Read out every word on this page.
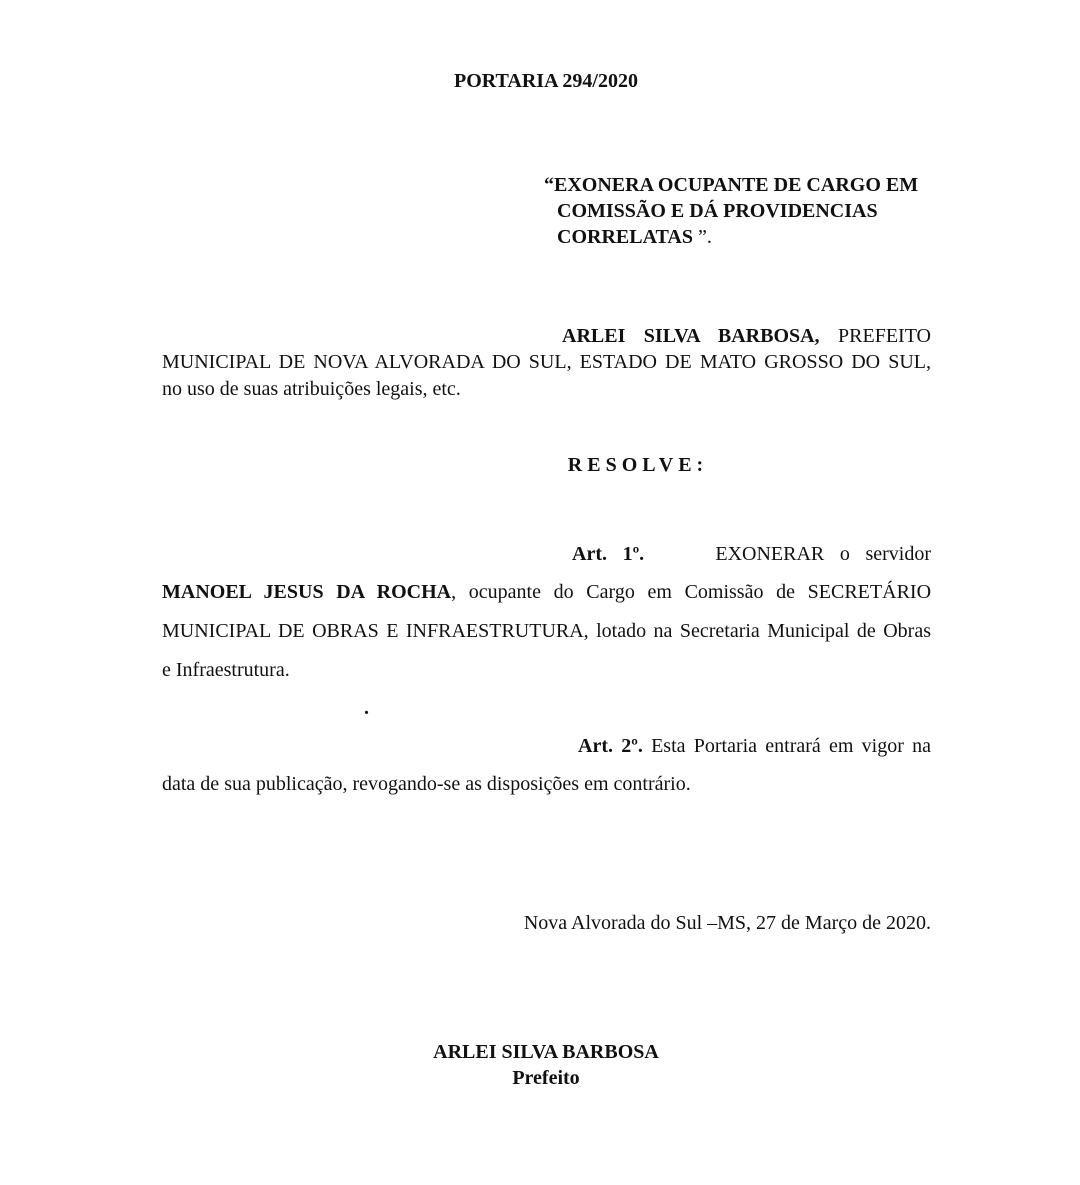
PORTARIA 294/2020
“EXONERA OCUPANTE DE CARGO EM
COMISSÃO E DÁ PROVIDENCIAS
CORRELATAS ”.
ARLEI SILVA BARBOSA, PREFEITO
MUNICIPAL DE NOVA ALVORADA DO SUL, ESTADO DE MATO GROSSO DO SUL,
no uso de suas atribuições legais, etc.
RESOLVE:
Art. 1º.	EXONERAR o servidor
MANOEL JESUS DA ROCHA, ocupante do Cargo em Comissão de SECRETÁRIO
MUNICIPAL DE OBRAS E INFRAESTRUTURA, lotado na Secretaria Municipal de Obras
e Infraestrutura.
.
Art. 2º. Esta Portaria entrará em vigor na
data de sua publicação, revogando-se as disposições em contrário.
Nova Alvorada do Sul –MS, 27 de Março de 2020.
ARLEI SILVA BARBOSA
Prefeito
